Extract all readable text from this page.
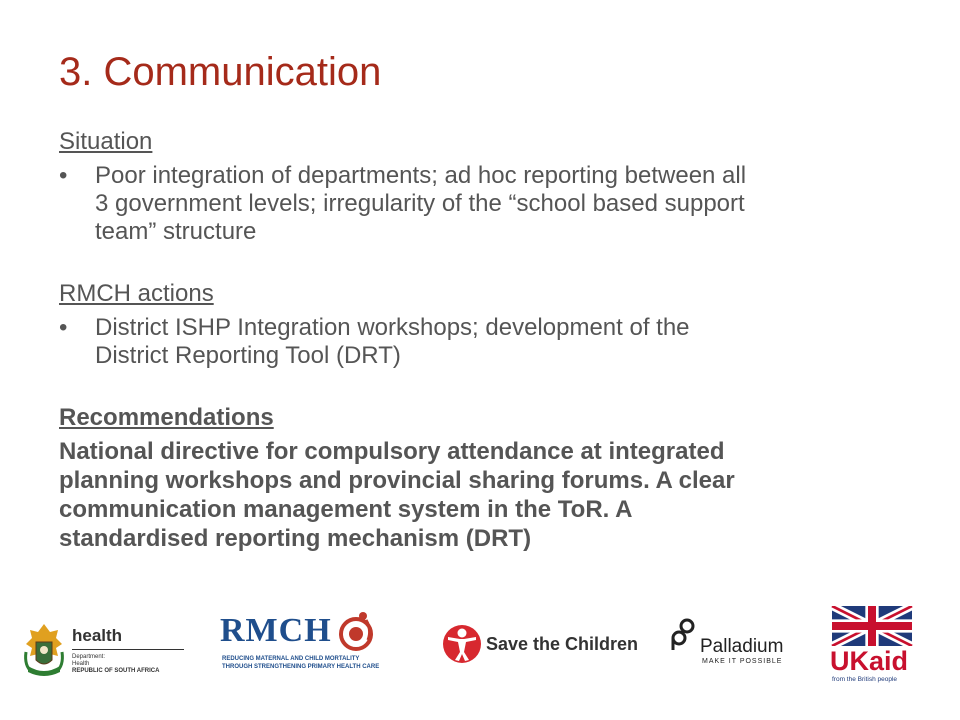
3. Communication

Situation

• Poor integration of departments; ad hoc reporting between all
3 government levels; irregularity of the “school based support
team” structure

RMCH actions

• District ISHP Integration workshops; development of the
District Reporting Tool (DRT)

Recommendations

National directive for compulsory attendance at integrated
planning workshops and provincial sharing forums. A clear
communication management system in the ToR. A
standardised reporting mechanism (DRT)
health
Department:
Health
REPUBLIC OF SOUTH AFRICA
RMCH
REDUCING MATERNAL AND CHILD MORTALITY
THROUGH STRENGTHENING PRIMARY HEALTH CARE
Save the Children	Palladium
MAKE IT POSSIBLE UKaid
from the British people
